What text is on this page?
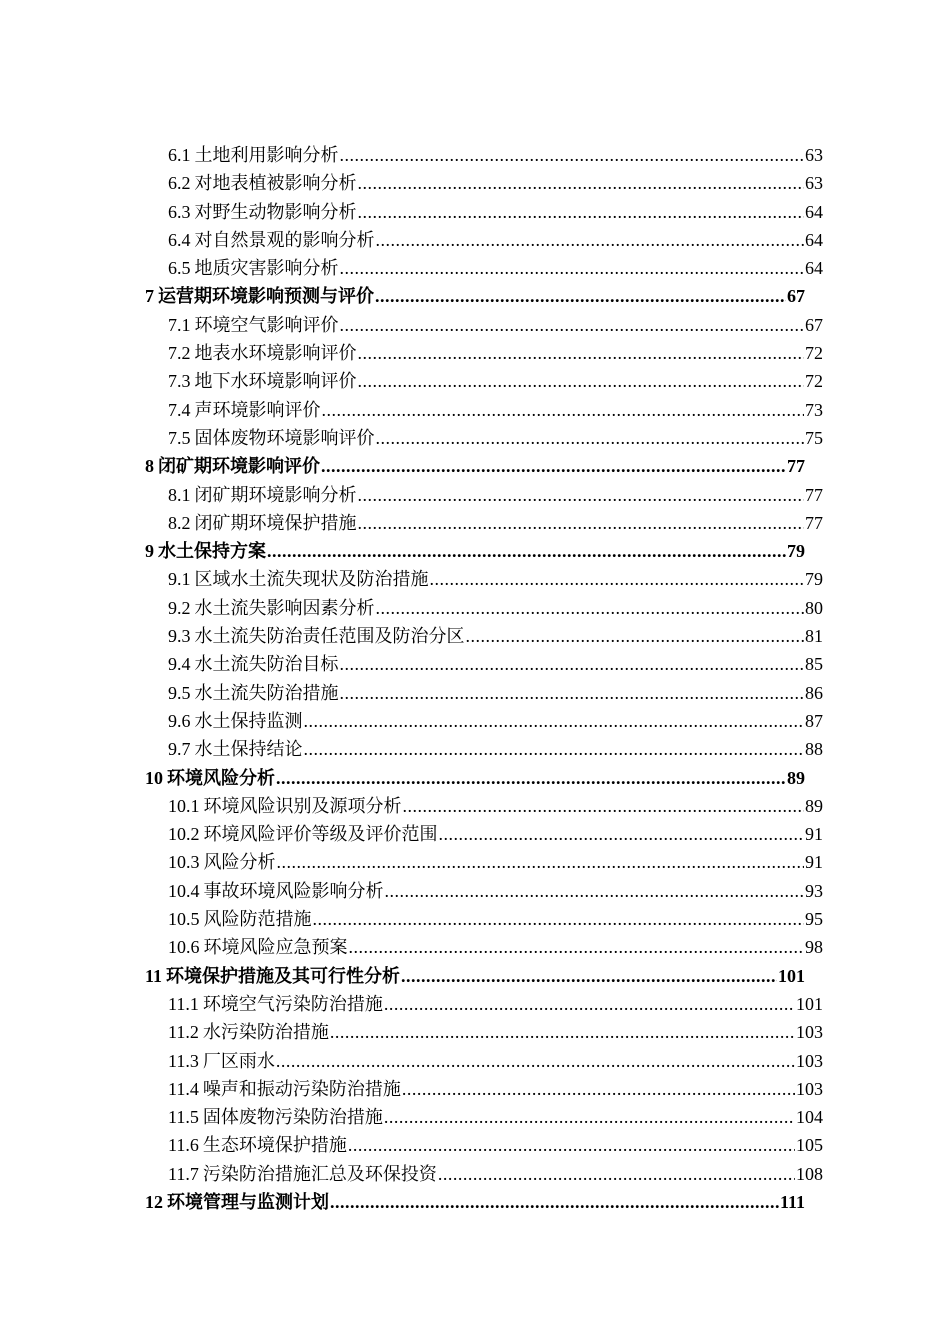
6.1 土地利用影响分析 .....	63
6.2 对地表植被影响分析 .....	63
6.3 对野生动物影响分析 .....	64
6.4 对自然景观的影响分析 .....	64
6.5 地质灾害影响分析 .....	64
7 运营期环境影响预测与评价 .....	67
7.1 环境空气影响评价 .....	67
7.2 地表水环境影响评价 .....	72
7.3 地下水环境影响评价 .....	72
7.4 声环境影响评价 .....	73
7.5 固体废物环境影响评价 .....	75
8 闭矿期环境影响评价 .....	77
8.1 闭矿期环境影响分析 .....	77
8.2 闭矿期环境保护措施 .....	77
9 水土保持方案 .....	79
9.1 区域水土流失现状及防治措施 .....	79
9.2 水土流失影响因素分析 .....	80
9.3 水土流失防治责任范围及防治分区 .....	81
9.4 水土流失防治目标 .....	85
9.5 水土流失防治措施 .....	86
9.6 水土保持监测 .....	87
9.7 水土保持结论 .....	88
10 环境风险分析 .....	89
10.1 环境风险识别及源项分析 .....	89
10.2 环境风险评价等级及评价范围 .....	91
10.3 风险分析 .....	91
10.4 事故环境风险影响分析 .....	93
10.5 风险防范措施 .....	95
10.6 环境风险应急预案 .....	98
11 环境保护措施及其可行性分析 .....	101
11.1 环境空气污染防治措施 .....	101
11.2 水污染防治措施 .....	103
11.3 厂区雨水 .....	103
11.4 噪声和振动污染防治措施 .....	103
11.5 固体废物污染防治措施 .....	104
11.6 生态环境保护措施 .....	105
11.7 污染防治措施汇总及环保投资 .....	108
12 环境管理与监测计划 .....	111
